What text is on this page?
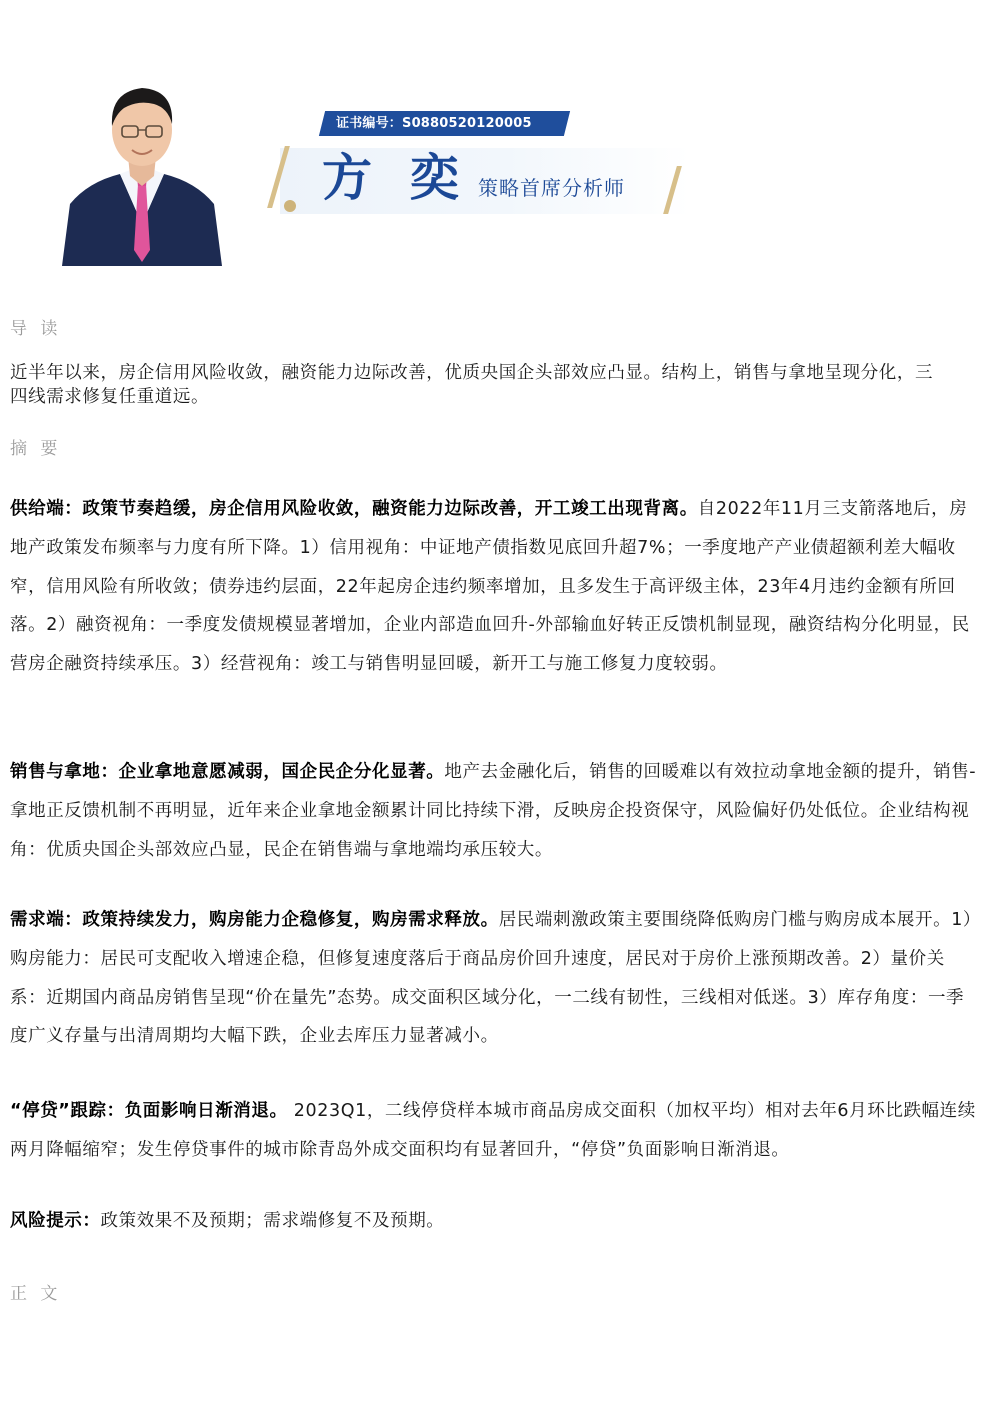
证书编号：S0880520120005
方 奕 策略首席分析师
导 读

近半年以来，房企信用风险收敛，融资能力边际改善，优质央国企头部效应凸显。结构上，销售与拿地呈现分化，三四线需求修复任重道远。

摘 要

供给端：政策节奏趋缓，房企信用风险收敛，融资能力边际改善，开工竣工出现背离。自2022年11月三支箭落地后，房地产政策发布频率与力度有所下降。1）信用视角：中证地产债指数见底回升超7%；一季度地产产业债超额利差大幅收窄，信用风险有所收敛；债券违约层面，22年起房企违约频率增加，且多发生于高评级主体，23年4月违约金额有所回落。2）融资视角：一季度发债规模显著增加，企业内部造血回升-外部输血好转正反馈机制显现，融资结构分化明显，民营房企融资持续承压。3）经营视角：竣工与销售明显回暖，新开工与施工修复力度较弱。

销售与拿地：企业拿地意愿减弱，国企民企分化显著。地产去金融化后，销售的回暖难以有效拉动拿地金额的提升，销售-拿地正反馈机制不再明显，近年来企业拿地金额累计同比持续下滑，反映房企投资保守，风险偏好仍处低位。企业结构视角：优质央国企头部效应凸显，民企在销售端与拿地端均承压较大。

需求端：政策持续发力，购房能力企稳修复，购房需求释放。居民端刺激政策主要围绕降低购房门槛与购房成本展开。1）购房能力：居民可支配收入增速企稳，但修复速度落后于商品房价回升速度，居民对于房价上涨预期改善。2）量价关系：近期国内商品房销售呈现“价在量先”态势。成交面积区域分化，一二线有韧性，三线相对低迷。3）库存角度：一季度广义存量与出清周期均大幅下跌，企业去库压力显著减小。

“停贷”跟踪：负面影响日渐消退。 2023Q1，二线停贷样本城市商品房成交面积（加权平均）相对去年6月环比跌幅连续两月降幅缩窄；发生停贷事件的城市除青岛外成交面积均有显著回升，“停贷”负面影响日渐消退。

风险提示：政策效果不及预期；需求端修复不及预期。

正 文
